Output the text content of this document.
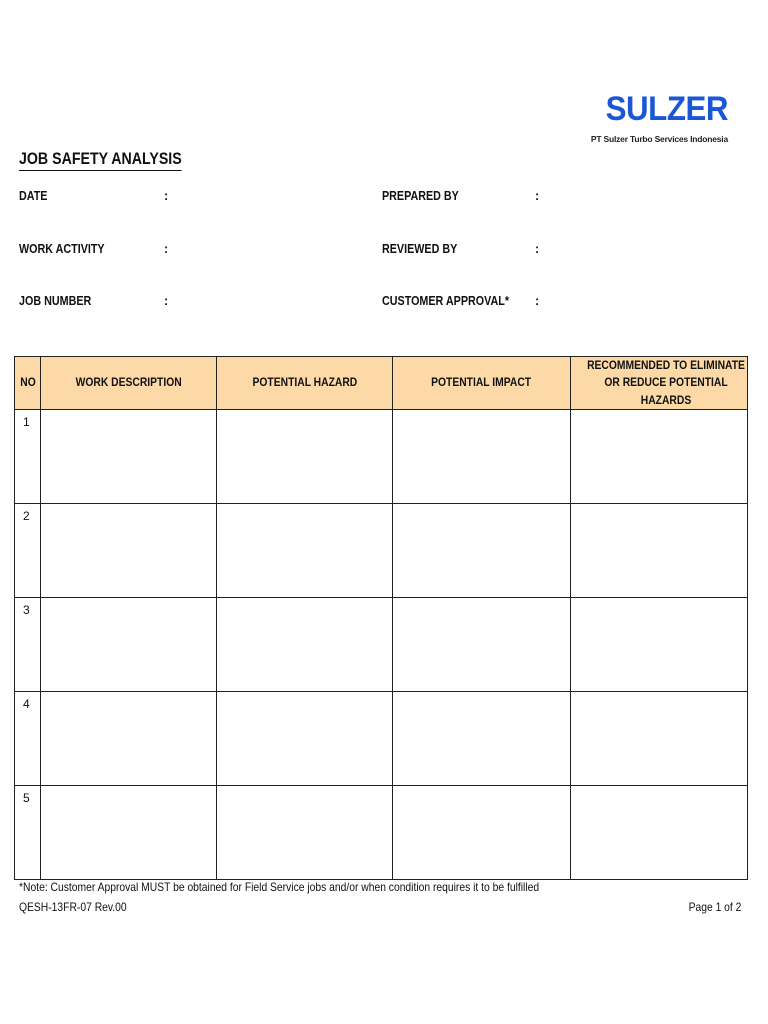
SULZER
PT Sulzer Turbo Services Indonesia
JOB SAFETY ANALYSIS
DATE	:
WORK ACTIVITY	:
JOB NUMBER	:
PREPARED BY	:
REVIEWED BY	:
CUSTOMER APPROVAL* :
NO	WORK DESCRIPTION	POTENTIAL HAZARD	POTENTIAL IMPACT	RECOMMENDED TO ELIMINATE OR REDUCE POTENTIAL HAZARDS
1				
2				
3				
4				
5				
*Note: Customer Approval MUST be obtained for Field Service jobs and/or when condition requires it to be fulfilled
QESH-13FR-07 Rev.00	Page 1 of 2
